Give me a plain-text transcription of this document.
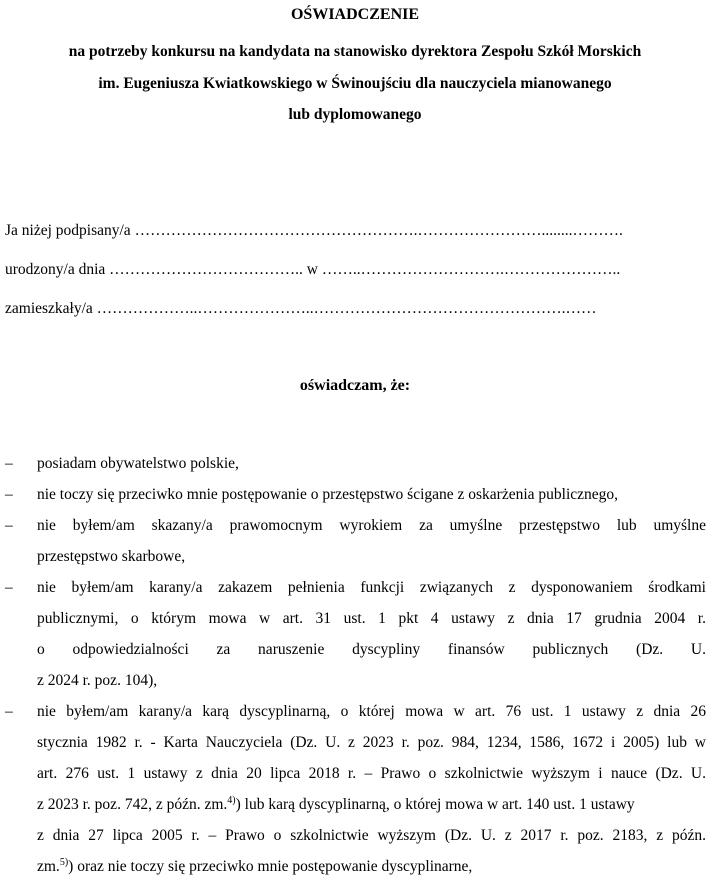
OŚWIADCZENIE
na potrzeby konkursu na kandydata na stanowisko dyrektora Zespołu Szkół Morskich
im. Eugeniusza Kwiatkowskiego w Świnoujściu dla nauczyciela mianowanego
lub dyplomowanego
Ja niżej podpisany/a ……………………………………………….……………………........……….
urodzony/a dnia ……………………………….. w ……..……………………….…………………..
zamieszkały/a ………………..…………………..………………………………………….……
oświadczam, że:
– posiadam obywatelstwo polskie,
– nie toczy się przeciwko mnie postępowanie o przestępstwo ścigane z oskarżenia publicznego,
– nie byłem/am skazany/a prawomocnym wyrokiem za umyślne przestępstwo lub umyślne
przestępstwo skarbowe,
– nie byłem/am karany/a zakazem pełnienia funkcji związanych z dysponowaniem środkami
publicznymi, o którym mowa w art. 31 ust. 1 pkt 4 ustawy z dnia 17 grudnia 2004 r.
o odpowiedzialności za naruszenie dyscypliny finansów publicznych (Dz. U.
z 2024 r. poz. 104),
– nie byłem/am karany/a karą dyscyplinarną, o której mowa w art. 76 ust. 1 ustawy z dnia 26
stycznia 1982 r. - Karta Nauczyciela (Dz. U. z 2023 r. poz. 984, 1234, 1586, 1672 i 2005) lub w
art. 276 ust. 1 ustawy z dnia 20 lipca 2018 r. – Prawo o szkolnictwie wyższym i nauce (Dz. U.
z 2023 r. poz. 742, z późn. zm.$^{4)}$) lub karą dyscyplinarną, o której mowa w art. 140 ust. 1 ustawy
z dnia 27 lipca 2005 r. – Prawo o szkolnictwie wyższym (Dz. U. z 2017 r. poz. 2183, z późn.
zm.$^{5)}$) oraz nie toczy się przeciwko mnie postępowanie dyscyplinarne,
